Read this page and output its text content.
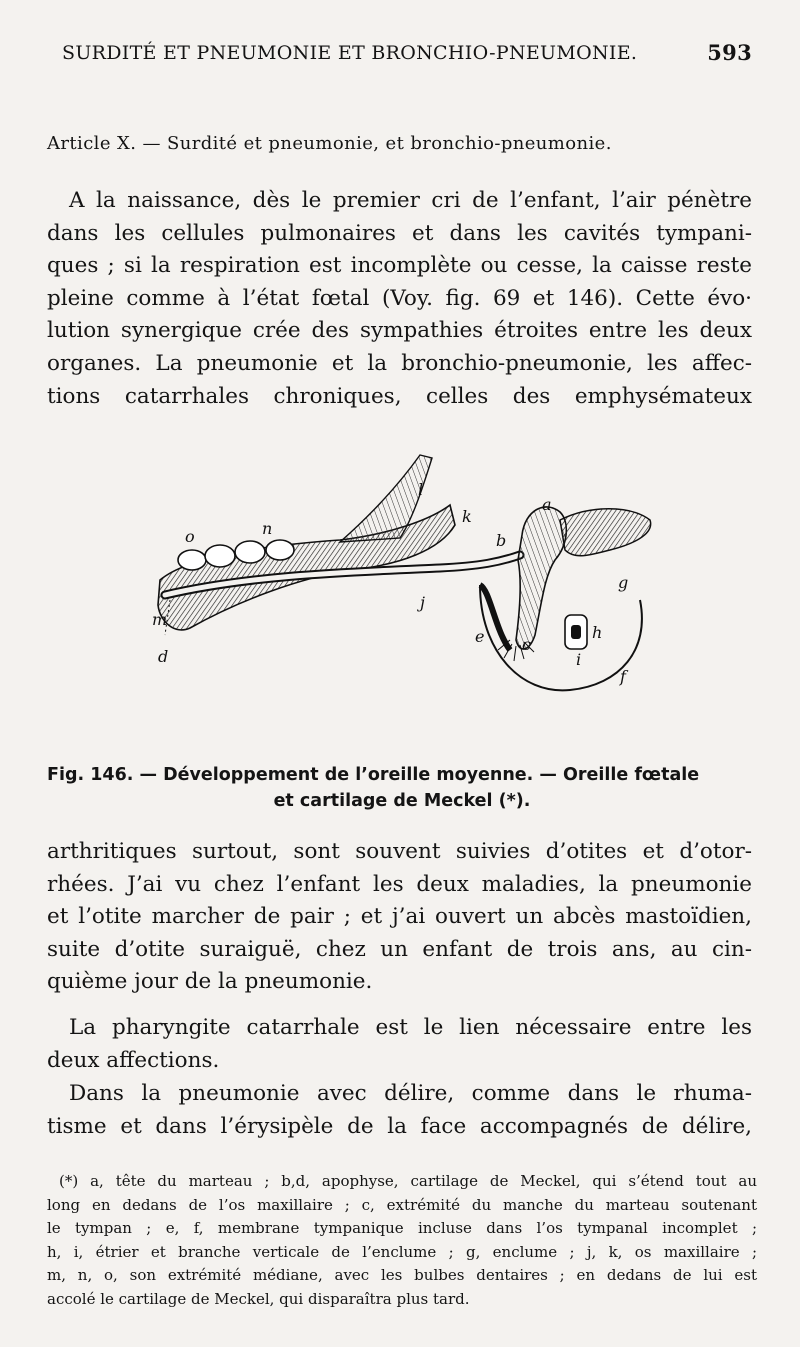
SURDITÉ ET PNEUMONIE ET BRONCHIO-PNEUMONIE.	593
Article X. — Surdité et pneumonie, et bronchio-pneumonie.
A la naissance, dès le premier cri de l’enfant, l’air pénètre
dans les cellules pulmonaires et dans les cavités tympani-
ques ; si la respiration est incomplète ou cesse, la caisse reste
pleine comme à l’état fœtal (Voy. fig. 69 et 146). Cette évo·
lution synergique crée des sympathies étroites entre les deux
organes. La pneumonie et la bronchio-pneumonie, les affec-
tions catarrhales chroniques, celles des emphysémateux
l
k
a
n
o	b
g
m
j
h
e c
i
d
f
Fig. 146. — Développement de l’oreille moyenne. — Oreille fœtale
et cartilage de Meckel (*).
arthritiques surtout, sont souvent suivies d’otites et d’otor-
rhées. J’ai vu chez l’enfant les deux maladies, la pneumonie
et l’otite marcher de pair ; et j’ai ouvert un abcès mastoïdien,
suite d’otite suraiguë, chez un enfant de trois ans, au cin-
quième jour de la pneumonie.
La pharyngite catarrhale est le lien nécessaire entre les
deux affections.
Dans la pneumonie avec délire, comme dans le rhuma-
tisme et dans l’érysipèle de la face accompagnés de délire,
(*) a, tête du marteau ; b,d, apophyse, cartilage de Meckel, qui s’étend tout au
long en dedans de l’os maxillaire ; c, extrémité du manche du marteau soutenant
le tympan ; e, f, membrane tympanique incluse dans l’os tympanal incomplet ;
h, i, étrier et branche verticale de l’enclume ; g, enclume ; j, k, os maxillaire ;
m, n, o, son extrémité médiane, avec les bulbes dentaires ; en dedans de lui est
accolé le cartilage de Meckel, qui disparaîtra plus tard.
